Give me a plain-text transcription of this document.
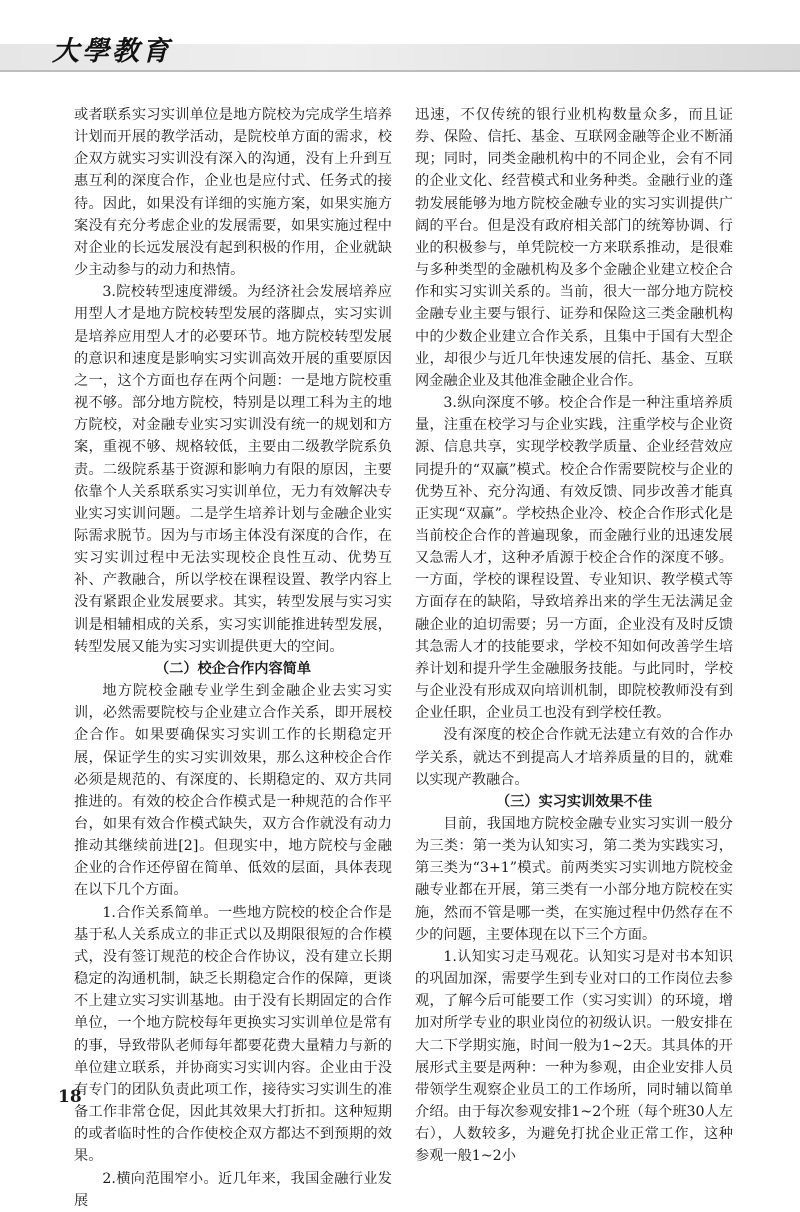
大學教育

或者联系实习实训单位是地方院校为完成学生培养计划而开展的教学活动，是院校单方面的需求，校企双方就实习实训没有深入的沟通，没有上升到互惠互利的深度合作，企业也是应付式、任务式的接待。因此，如果没有详细的实施方案，如果实施方案没有充分考虑企业的发展需要，如果实施过程中对企业的长远发展没有起到积极的作用，企业就缺少主动参与的动力和热情。

3.院校转型速度滞缓。为经济社会发展培养应用型人才是地方院校转型发展的落脚点，实习实训是培养应用型人才的必要环节。地方院校转型发展的意识和速度是影响实习实训高效开展的重要原因之一，这个方面也存在两个问题：一是地方院校重视不够。部分地方院校，特别是以理工科为主的地方院校，对金融专业实习实训没有统一的规划和方案，重视不够、规格较低，主要由二级教学院系负责。二级院系基于资源和影响力有限的原因，主要依靠个人关系联系实习实训单位，无力有效解决专业实习实训问题。二是学生培养计划与金融企业实际需求脱节。因为与市场主体没有深度的合作，在实习实训过程中无法实现校企良性互动、优势互补、产教融合，所以学校在课程设置、教学内容上没有紧跟企业发展要求。其实，转型发展与实习实训是相辅相成的关系，实习实训能推进转型发展，转型发展又能为实习实训提供更大的空间。

（二）校企合作内容简单

地方院校金融专业学生到金融企业去实习实训，必然需要院校与企业建立合作关系，即开展校企合作。如果要确保实习实训工作的长期稳定开展，保证学生的实习实训效果，那么这种校企合作必须是规范的、有深度的、长期稳定的、双方共同推进的。有效的校企合作模式是一种规范的合作平台，如果有效合作模式缺失，双方合作就没有动力推动其继续前进[2]。但现实中，地方院校与金融企业的合作还停留在简单、低效的层面，具体表现在以下几个方面。

1.合作关系简单。一些地方院校的校企合作是基于私人关系成立的非正式以及期限很短的合作模式，没有签订规范的校企合作协议，没有建立长期稳定的沟通机制，缺乏长期稳定合作的保障，更谈不上建立实习实训基地。由于没有长期固定的合作单位，一个地方院校每年更换实习实训单位是常有的事，导致带队老师每年都要花费大量精力与新的单位建立联系，并协商实习实训内容。企业由于没有专门的团队负责此项工作，接待实习实训生的准备工作非常仓促，因此其效果大打折扣。这种短期的或者临时性的合作使校企双方都达不到预期的效果。

2.横向范围窄小。近几年来，我国金融行业发展

迅速，不仅传统的银行业机构数量众多，而且证券、保险、信托、基金、互联网金融等企业不断涌现；同时，同类金融机构中的不同企业，会有不同的企业文化、经营模式和业务种类。金融行业的蓬勃发展能够为地方院校金融专业的实习实训提供广阔的平台。但是没有政府相关部门的统筹协调、行业的积极参与，单凭院校一方来联系推动，是很难与多种类型的金融机构及多个金融企业建立校企合作和实习实训关系的。当前，很大一部分地方院校金融专业主要与银行、证券和保险这三类金融机构中的少数企业建立合作关系，且集中于国有大型企业，却很少与近几年快速发展的信托、基金、互联网金融企业及其他准金融企业合作。

3.纵向深度不够。校企合作是一种注重培养质量，注重在校学习与企业实践，注重学校与企业资源、信息共享，实现学校教学质量、企业经营效应同提升的“双赢”模式。校企合作需要院校与企业的优势互补、充分沟通、有效反馈、同步改善才能真正实现“双赢”。学校热企业冷、校企合作形式化是当前校企合作的普遍现象，而金融行业的迅速发展又急需人才，这种矛盾源于校企合作的深度不够。一方面，学校的课程设置、专业知识、教学模式等方面存在的缺陷，导致培养出来的学生无法满足金融企业的迫切需要；另一方面，企业没有及时反馈其急需人才的技能要求，学校不知如何改善学生培养计划和提升学生金融服务技能。与此同时，学校与企业没有形成双向培训机制，即院校教师没有到企业任职，企业员工也没有到学校任教。

没有深度的校企合作就无法建立有效的合作办学关系，就达不到提高人才培养质量的目的，就难以实现产教融合。

（三）实习实训效果不佳

目前，我国地方院校金融专业实习实训一般分为三类：第一类为认知实习，第二类为实践实习，第三类为“3+1”模式。前两类实习实训地方院校金融专业都在开展，第三类有一小部分地方院校在实施，然而不管是哪一类，在实施过程中仍然存在不少的问题，主要体现在以下三个方面。

1.认知实习走马观花。认知实习是对书本知识的巩固加深，需要学生到专业对口的工作岗位去参观，了解今后可能要工作（实习实训）的环境，增加对所学专业的职业岗位的初级认识。一般安排在大二下学期实施，时间一般为1~2天。其具体的开展形式主要是两种：一种为参观，由企业安排人员带领学生观察企业员工的工作场所，同时辅以简单介绍。由于每次参观安排1~2个班（每个班30人左右），人数较多，为避免打扰企业正常工作，这种参观一般1~2小

18
